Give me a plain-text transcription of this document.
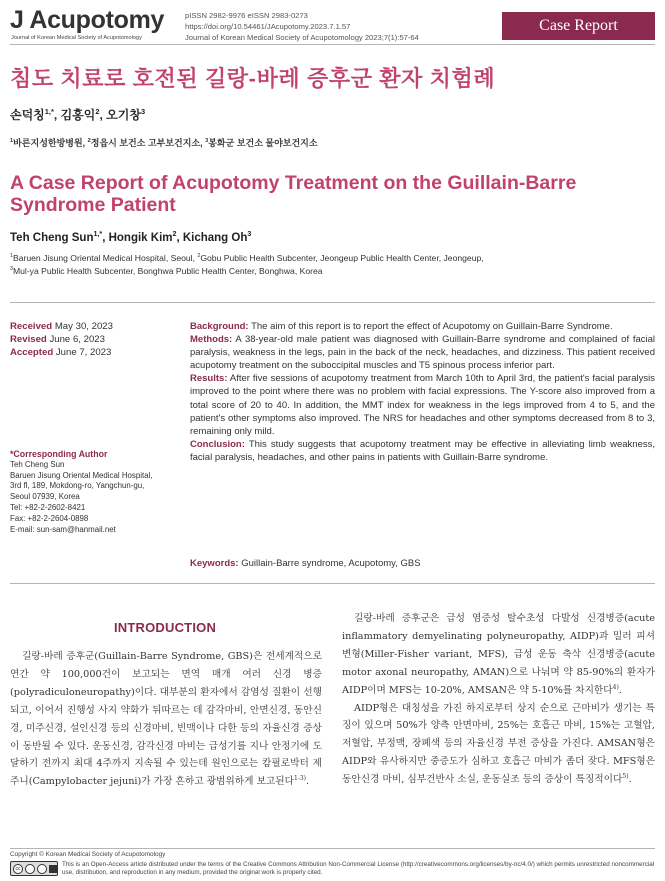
J Acupotomy
Journal of Korean Medical Society of Acupotomology
pISSN 2982-9976 eISSN 2983-0273
https://doi.org/10.54461/JAcupotomy.2023.7.1.57
Journal of Korean Medical Society of Acupotomology 2023;7(1):57-64
Case Report
침도 치료로 호전된 길랑-바레 증후군 환자 치험례
손덕칭$^{1,*}$, 김홍익$^2$, 오기창$^3$
$^1$바른지성한방병원, $^2$정읍시 보건소 고부보건지소, $^3$봉화군 보건소 물야보건지소
A Case Report of Acupotomy Treatment on the Guillain-Barre Syndrome Patient
Teh Cheng Sun$^{1,*}$, Hongik Kim$^2$, Kichang Oh$^3$
$^1$Baruen Jisung Oriental Medical Hospital, Seoul, $^2$Gobu Public Health Subcenter, Jeongeup Public Health Center, Jeongeup,
$^3$Mul-ya Public Health Subcenter, Bonghwa Public Health Center, Bonghwa, Korea
Received May 30, 2023
Revised June 6, 2023
Accepted June 7, 2023
*Corresponding Author
Teh Cheng Sun
Baruen Jisung Oriental Medical Hospital,
3rd fl, 189, Mokdong-ro, Yangchun-gu,
Seoul 07939, Korea
Tel: +82-2-2602-8421
Fax: +82-2-2604-0898
E-mail: sun-sam@hanmail.net

Background: The aim of this report is to report the effect of Acupotomy on Guillain-Barre Syndrome.

Methods: A 38-year-old male patient was diagnosed with Guillain-Barre syndrome and complained of facial paralysis, weakness in the legs, pain in the back of the neck, headaches, and dizziness. This patient received acupotomy treatment on the suboccipital muscles and T5 spinous process inferior part.

Results: After five sessions of acupotomy treatment from March 10th to April 3rd, the patient's facial paralysis improved to the point where there was no problem with facial expressions. The Y-score also improved from a total score of 20 to 40. In addition, the MMT index for weakness in the legs improved from 4 to 5, and the patient's other symptoms also improved. The NRS for headaches and other symptoms decreased from 8 to 3, remaining only mild.

Conclusion: This study suggests that acupotomy treatment may be effective in alleviating limb weakness, facial paralysis, headaches, and other pains in patients with Guillain-Barre syndrome.

Keywords: Guillain-Barre syndrome, Acupotomy, GBS
INTRODUCTION

길랑-바레 증후군(Guillain-Barre Syndrome, GBS)은 전세계적으로 연간 약 100,000건이 보고되는 면역 매개 여러 신경 병증(polyradiculoneuropathy)이다. 대부분의 환자에서 감염성 질환이 선행되고, 이어서 진행성 사지 약화가 뒤따르는 데 감각마비, 안면신경, 동안신경, 미주신경, 설인신경 등의 신경마비, 빈맥이나 다한 등의 자율신경 증상이 동반될 수 있다. 운동신경, 감각신경 마비는 급성기를 지나 안정기에 도달하기 전까지 최대 4주까지 지속될 수 있는데 원인으로는 캄필로박터 제주니(Campylobacter jejuni)가 가장 흔하고 광범위하게 보고된다$^{1-3)}$.

길랑-바레 증후군은 급성 염증성 탈수초성 다발성 신경병증(acute inflammatory demyelinating polyneuropathy, AIDP)과 밀러 피셔변형(Miller-Fisher variant, MFS), 급성 운동 축삭 신경병증(acute motor axonal neuropathy, AMAN)으로 나눠며 약 85-90%의 환자가 AIDP이며 MFS는 10-20%, AMSAN은 약 5-10%를 차지한다$^{4)}$.

AIDP형은 대칭성을 가진 하지로부터 상지 순으로 근마비가 생기는 특징이 있으며 50%가 양측 안면마비, 25%는 호흡근 마비, 15%는 고혈압, 저혈압, 부정맥, 장폐색 등의 자율신경 부전 증상을 가진다. AMSAN형은 AIDP와 유사하지만 중증도가 심하고 호흡근 마비가 좀더 잦다. MFS형은 동안신경 마비, 심부건반사 소실, 운동실조 등의 증상이 특징적이다$^{5)}$.

Copyright © Korean Medical Society of Acupotomology
cc
This is an Open-Access article distributed under the terms of the Creative Commons Attribution Non-Commercial License (http://creativecommons.org/licenses/by-nc/4.0/) which permits unrestricted noncommercial use, distribution, and reproduction in any medium, provided the original work is properly cited.
